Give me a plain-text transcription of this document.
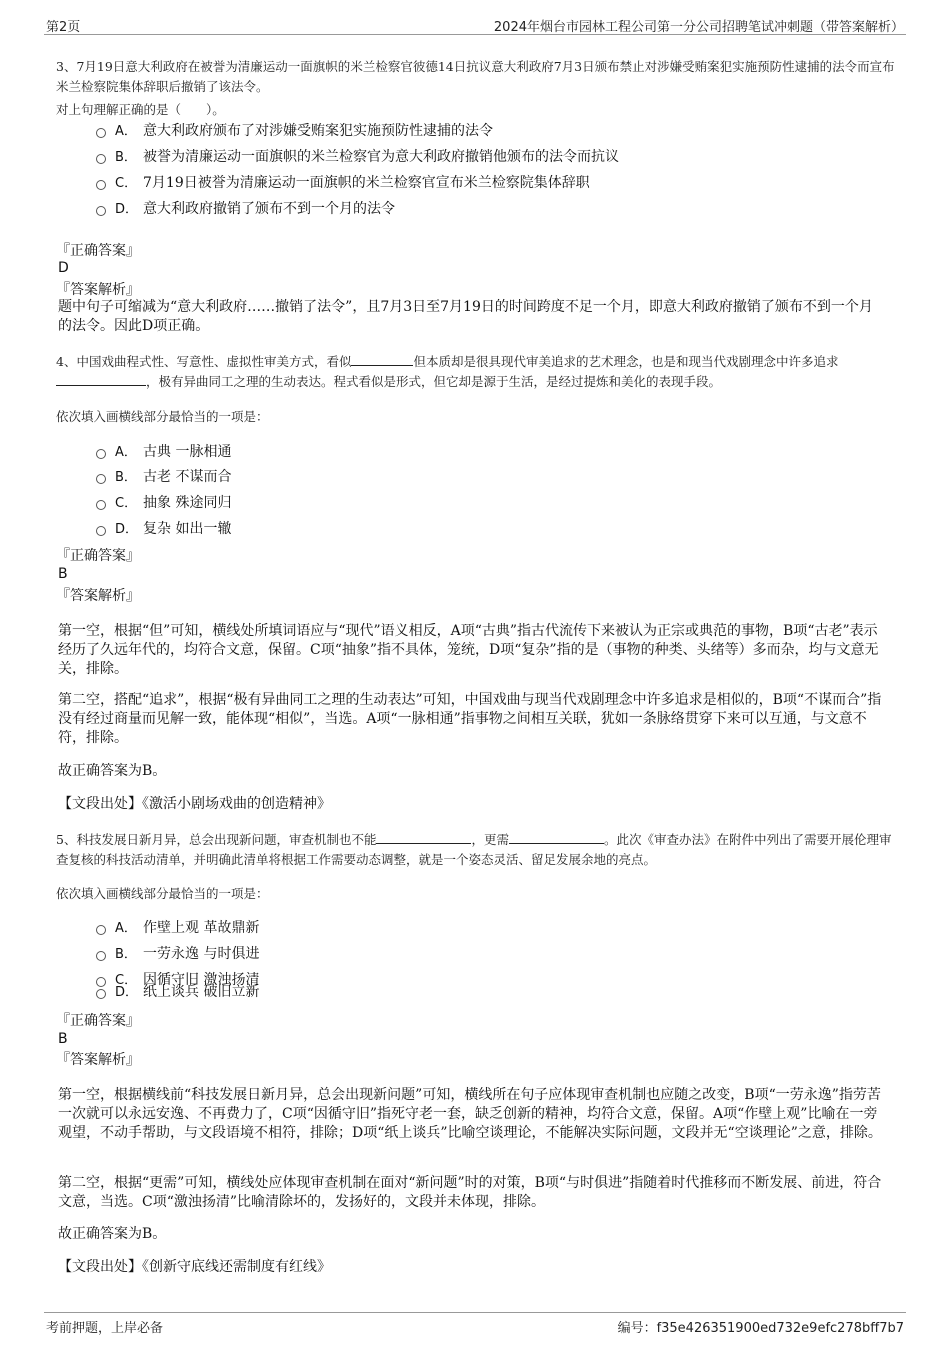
第2页	2024年烟台市园林工程公司第一分公司招聘笔试冲刺题（带答案解析）
3、7月19日意大利政府在被誉为清廉运动一面旗帜的米兰检察官彼德14日抗议意大利政府7月3日颁布禁止对涉嫌受贿案犯实施预防性逮捕的法令而宣布米兰检察院集体辞职后撤销了该法令。
对上句理解正确的是（　　）。
A． 意大利政府颁布了对涉嫌受贿案犯实施预防性逮捕的法令
B． 被誉为清廉运动一面旗帜的米兰检察官为意大利政府撤销他颁布的法令而抗议
C． 7月19日被誉为清廉运动一面旗帜的米兰检察官宣布米兰检察院集体辞职
D． 意大利政府撤销了颁布不到一个月的法令
『正确答案』
D
『答案解析』
题中句子可缩减为“意大利政府……撤销了法令”，且7月3日至7月19日的时间跨度不足一个月，即意大利政府撤销了颁布不到一个月的法令。因此D项正确。
4、中国戏曲程式性、写意性、虚拟性审美方式，看似	但本质却是很具现代审美追求的艺术理念，也是和现当代戏剧理念中许多追求
，极有异曲同工之理的生动表达。程式看似是形式，但它却是源于生活，是经过提炼和美化的表现手段。
依次填入画横线部分最恰当的一项是：
A． 古典 一脉相通
B． 古老 不谋而合
C． 抽象 殊途同归
D． 复杂 如出一辙
『正确答案』
B
『答案解析』
第一空，根据“但”可知，横线处所填词语应与“现代”语义相反，A项“古典”指古代流传下来被认为正宗或典范的事物，B项“古老”表示经历了久远年代的，均符合文意，保留。C项“抽象”指不具体，笼统，D项“复杂”指的是（事物的种类、头绪等）多而杂，均与文意无关，排除。
第二空，搭配“追求”，根据“极有异曲同工之理的生动表达”可知，中国戏曲与现当代戏剧理念中许多追求是相似的，B项“不谋而合”指没有经过商量而见解一致，能体现“相似”，当选。A项“一脉相通”指事物之间相互关联，犹如一条脉络贯穿下来可以互通，与文意不符，排除。
故正确答案为B。
【文段出处】《激活小剧场戏曲的创造精神》
5、科技发展日新月异，总会出现新问题，审查机制也不能	，更需	。此次《审查办法》在附件中列出了需要开展伦理审查复核的科技活动清单，并明确此清单将根据工作需要动态调整，就是一个姿态灵活、留足发展余地的亮点。
依次填入画横线部分最恰当的一项是：
A． 作壁上观 革故鼎新
B． 一劳永逸 与时俱进
C． 因循守旧 激浊扬清
D． 纸上谈兵 破旧立新
『正确答案』
B
『答案解析』
第一空，根据横线前“科技发展日新月异，总会出现新问题”可知，横线所在句子应体现审查机制也应随之改变，B项“一劳永逸”指劳苦一次就可以永远安逸、不再费力了，C项“因循守旧”指死守老一套，缺乏创新的精神，均符合文意，保留。A项“作壁上观”比喻在一旁观望，不动手帮助，与文段语境不相符，排除；D项“纸上谈兵”比喻空谈理论，不能解决实际问题，文段并无“空谈理论”之意，排除。
第二空，根据“更需”可知，横线处应体现审查机制在面对“新问题”时的对策，B项“与时俱进”指随着时代推移而不断发展、前进，符合文意，当选。C项“激浊扬清”比喻清除坏的，发扬好的，文段并未体现，排除。
故正确答案为B。
【文段出处】《创新守底线还需制度有红线》
考前押题，上岸必备	编号：f35e426351900ed732e9efc278bff7b7
